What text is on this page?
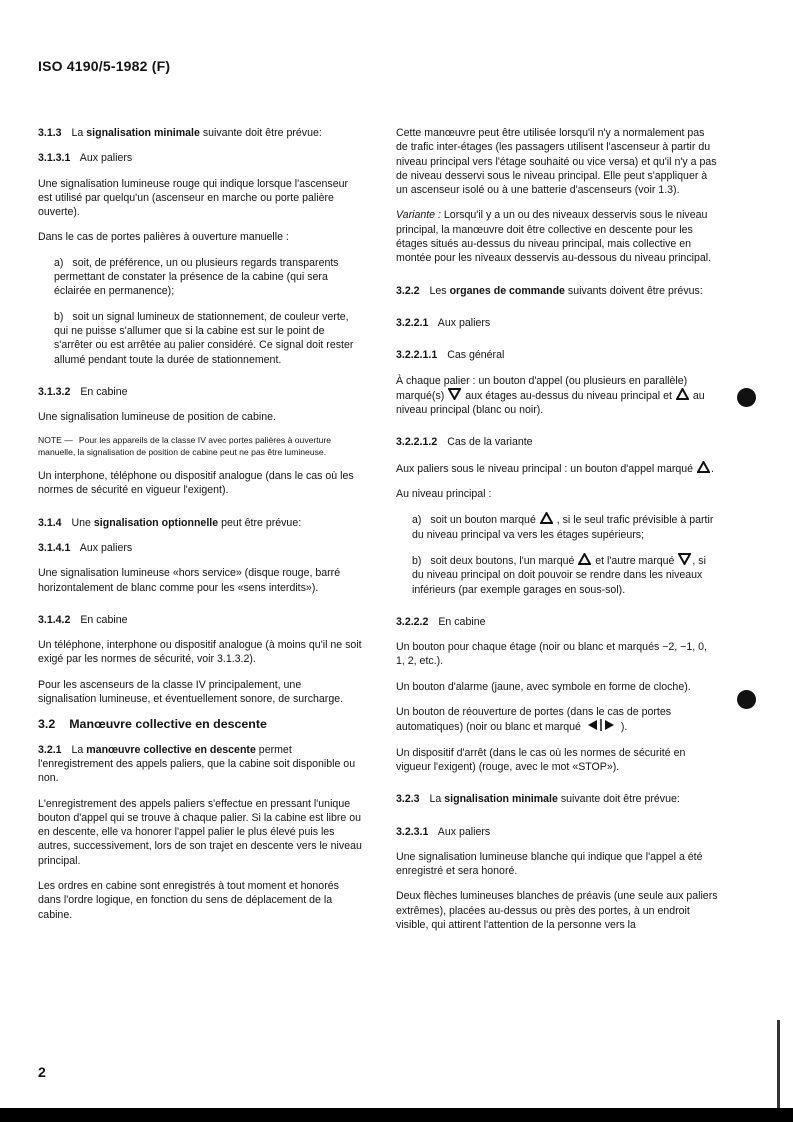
ISO 4190/5-1982 (F)

3.1.3 La signalisation minimale suivante doit être prévue:

3.1.3.1 Aux paliers

Une signalisation lumineuse rouge qui indique lorsque l'ascenseur est utilisé par quelqu'un (ascenseur en marche ou porte palière ouverte).

Dans le cas de portes palières à ouverture manuelle :

a) soit, de préférence, un ou plusieurs regards transparents permettant de constater la présence de la cabine (qui sera éclairée en permanence);

b) soit un signal lumineux de stationnement, de couleur verte, qui ne puisse s'allumer que si la cabine est sur le point de s'arrêter ou est arrêtée au palier considéré. Ce signal doit rester allumé pendant toute la durée de stationnement.

3.1.3.2 En cabine

Une signalisation lumineuse de position de cabine.

NOTE — Pour les appareils de la classe IV avec portes palières à ouverture manuelle, la signalisation de position de cabine peut ne pas être lumineuse.

Un interphone, téléphone ou dispositif analogue (dans le cas où les normes de sécurité en vigueur l'exigent).

3.1.4 Une signalisation optionnelle peut être prévue:

3.1.4.1 Aux paliers

Une signalisation lumineuse «hors service» (disque rouge, barré horizontalement de blanc comme pour les «sens interdits»).

3.1.4.2 En cabine

Un téléphone, interphone ou dispositif analogue (à moins qu'il ne soit exigé par les normes de sécurité, voir 3.1.3.2).

Pour les ascenseurs de la classe IV principalement, une signalisation lumineuse, et éventuellement sonore, de surcharge.

3.2 Manœuvre collective en descente

3.2.1 La manœuvre collective en descente permet l'enregistrement des appels paliers, que la cabine soit disponible ou non.

L'enregistrement des appels paliers s'effectue en pressant l'unique bouton d'appel qui se trouve à chaque palier. Si la cabine est libre ou en descente, elle va honorer l'appel palier le plus élevé puis les autres, successivement, lors de son trajet en descente vers le niveau principal.

Les ordres en cabine sont enregistrés à tout moment et honorés dans l'ordre logique, en fonction du sens de déplacement de la cabine.

Cette manœuvre peut être utilisée lorsqu'il n'y a normalement pas de trafic inter-étages (les passagers utilisent l'ascenseur à partir du niveau principal vers l'étage souhaité ou vice versa) et qu'il n'y a pas de niveau desservi sous le niveau principal. Elle peut s'appliquer à un ascenseur isolé ou à une batterie d'ascenseurs (voir 1.3).

Variante : Lorsqu'il y a un ou des niveaux desservis sous le niveau principal, la manœuvre doit être collective en descente pour les étages situés au-dessus du niveau principal, mais collective en montée pour les niveaux desservis au-dessous du niveau principal.

3.2.2 Les organes de commande suivants doivent être prévus:

3.2.2.1 Aux paliers

3.2.2.1.1 Cas général

À chaque palier : un bouton d'appel (ou plusieurs en parallèle) marqué(s) aux étages au-dessus du niveau principal et au niveau principal (blanc ou noir).

3.2.2.1.2 Cas de la variante

Aux paliers sous le niveau principal : un bouton d'appel marqué .

Au niveau principal :

a) soit un bouton marqué , si le seul trafic prévisible à partir du niveau principal va vers les étages supérieurs;

b) soit deux boutons, l'un marqué et l'autre marqué , si du niveau principal on doit pouvoir se rendre dans les niveaux inférieurs (par exemple garages en sous-sol).

3.2.2.2 En cabine

Un bouton pour chaque étage (noir ou blanc et marqués −2, −1, 0, 1, 2, etc.).

Un bouton d'alarme (jaune, avec symbole en forme de cloche).

Un bouton de réouverture de portes (dans le cas de portes automatiques) (noir ou blanc et marqué	).

Un dispositif d'arrêt (dans le cas où les normes de sécurité en vigueur l'exigent) (rouge, avec le mot «STOP»).

3.2.3 La signalisation minimale suivante doit être prévue:

3.2.3.1 Aux paliers

Une signalisation lumineuse blanche qui indique que l'appel a été enregistré et sera honoré.

Deux flèches lumineuses blanches de préavis (une seule aux paliers extrêmes), placées au-dessus ou près des portes, à un endroit visible, qui attirent l'attention de la personne vers la

2
